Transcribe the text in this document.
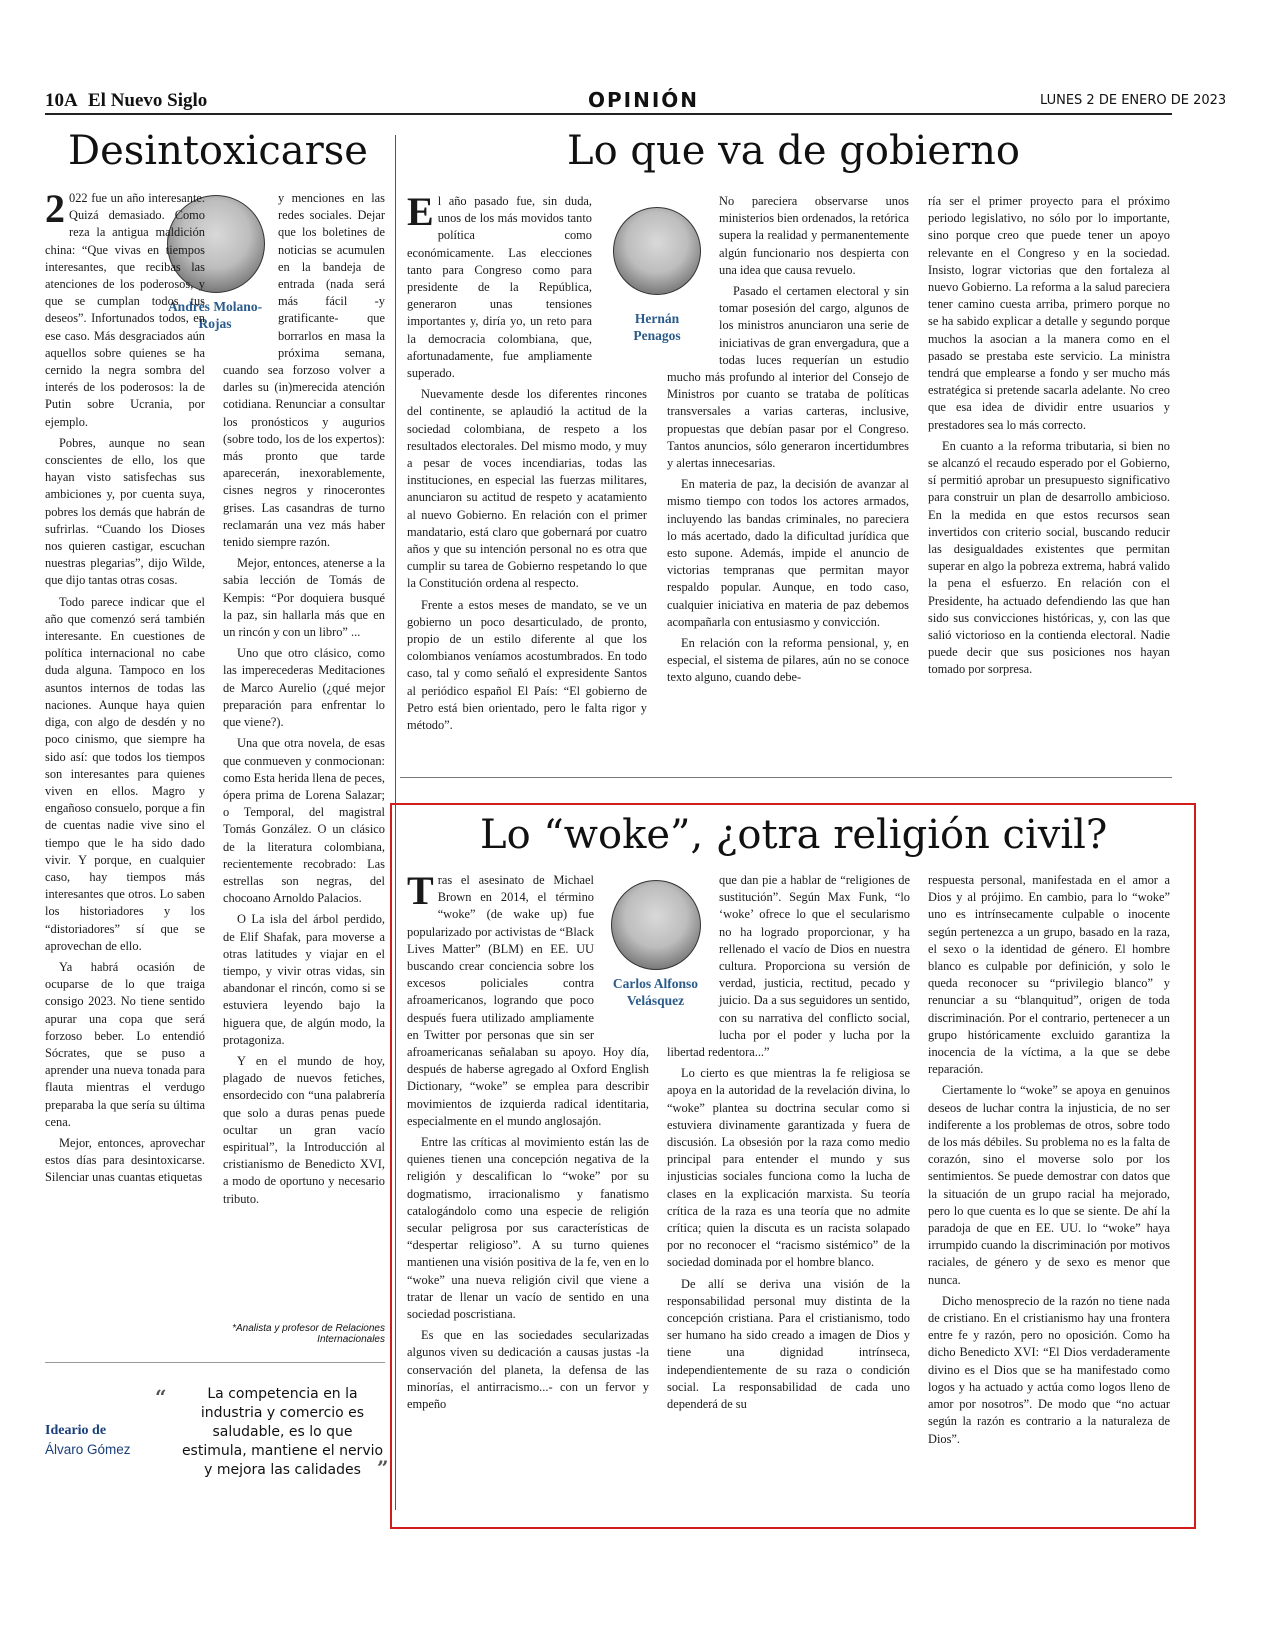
10A El Nuevo Siglo	OPINIÓN	LUNES 2 DE ENERO DE 2023
Desintoxicarse
Andrés Molano-Rojas

2 022 fue un año interesante. Quizá demasiado. Como reza la antigua maldición china: “Que vivas en tiempos interesantes, que recibas las atenciones de los poderosos, y que se cumplan todos tus deseos”. Infortunados todos, en ese caso. Más desgraciados aún aquellos sobre quienes se ha cernido la negra sombra del interés de los poderosos: la de Putin sobre Ucrania, por ejemplo.

Pobres, aunque no sean conscientes de ello, los que hayan visto satisfechas sus ambiciones y, por cuenta suya, pobres los demás que habrán de sufrirlas. “Cuando los Dioses nos quieren castigar, escuchan nuestras plegarias”, dijo Wilde, que dijo tantas otras cosas.

Todo parece indicar que el año que comenzó será también interesante. En cuestiones de política internacional no cabe duda alguna. Tampoco en los asuntos internos de todas las naciones. Aunque haya quien diga, con algo de desdén y no poco cinismo, que siempre ha sido así: que todos los tiempos son interesantes para quienes viven en ellos. Magro y engañoso consuelo, porque a fin de cuentas nadie vive sino el tiempo que le ha sido dado vivir. Y porque, en cualquier caso, hay tiempos más interesantes que otros. Lo saben los historiadores y los “distoriadores” sí que se aprovechan de ello.

Ya habrá ocasión de ocuparse de lo que traiga consigo 2023. No tiene sentido apurar una copa que será forzoso beber. Lo entendió Sócrates, que se puso a aprender una nueva tonada para flauta mientras el verdugo preparaba la que sería su última cena.

Mejor, entonces, aprovechar estos días para desintoxicarse. Silenciar unas cuantas etiquetas

y menciones en las redes sociales. Dejar que los boletines de noticias se acumulen en la bandeja de entrada (nada será más fácil -y gratificante- que borrarlos en masa la próxima semana, cuando sea forzoso volver a darles su (in)merecida atención cotidiana. Renunciar a consultar los pronósticos y augurios (sobre todo, los de los expertos): más pronto que tarde aparecerán, inexorablemente, cisnes negros y rinocerontes grises. Las casandras de turno reclamarán una vez más haber tenido siempre razón.

Mejor, entonces, atenerse a la sabia lección de Tomás de Kempis: “Por doquiera busqué la paz, sin hallarla más que en un rincón y con un libro” ...

Uno que otro clásico, como las imperecederas Meditaciones de Marco Aurelio (¿qué mejor preparación para enfrentar lo que viene?).

Una que otra novela, de esas que conmueven y conmocionan: como Esta herida llena de peces, ópera prima de Lorena Salazar; o Temporal, del magistral Tomás González. O un clásico de la literatura colombiana, recientemente recobrado: Las estrellas son negras, del chocoano Arnoldo Palacios.

O La isla del árbol perdido, de Elif Shafak, para moverse a otras latitudes y viajar en el tiempo, y vivir otras vidas, sin abandonar el rincón, como si se estuviera leyendo bajo la higuera que, de algún modo, la protagoniza.

Y en el mundo de hoy, plagado de nuevos fetiches, ensordecido con “una palabrería que solo a duras penas puede ocultar un gran vacío espiritual”, la Introducción al cristianismo de Benedicto XVI, a modo de oportuno y necesario tributo.

*Analista y profesor de Relaciones Internacionales
Ideario de
Álvaro Gómez
“	La competencia en la industria y comercio es saludable, es lo que estimula, mantiene el nervio y mejora las calidades ”
Lo que va de gobierno
Hernán Penagos

El año pasado fue, sin duda, unos de los más movidos tanto política como económicamente. Las elecciones tanto para Congreso como para presidente de la República, generaron unas tensiones importantes y, diría yo, un reto para la democracia colombiana, que, afortunadamente, fue ampliamente superado.

Nuevamente desde los diferentes rincones del continente, se aplaudió la actitud de la sociedad colombiana, de respeto a los resultados electorales. Del mismo modo, y muy a pesar de voces incendiarias, todas las instituciones, en especial las fuerzas militares, anunciaron su actitud de respeto y acatamiento al nuevo Gobierno. En relación con el primer mandatario, está claro que gobernará por cuatro años y que su intención personal no es otra que cumplir su tarea de Gobierno respetando lo que la Constitución ordena al respecto.

Frente a estos meses de mandato, se ve un gobierno un poco desarticulado, de pronto, propio de un estilo diferente al que los colombianos veníamos acostumbrados. En todo caso, tal y como señaló el expresidente Santos al periódico español El País: “El gobierno de Petro está bien orientado, pero le falta rigor y método”.

No pareciera observarse unos ministerios bien ordenados, la retórica supera la realidad y permanentemente algún funcionario nos despierta con una idea que causa revuelo.

Pasado el certamen electoral y sin tomar posesión del cargo, algunos de los ministros anunciaron una serie de iniciativas de gran envergadura, que a todas luces requerían un estudio mucho más profundo al interior del Consejo de Ministros por cuanto se trataba de políticas transversales a varias carteras, inclusive, propuestas que debían pasar por el Congreso. Tantos anuncios, sólo generaron incertidumbres y alertas innecesarias.

En materia de paz, la decisión de avanzar al mismo tiempo con todos los actores armados, incluyendo las bandas criminales, no pareciera lo más acertado, dado la dificultad jurídica que esto supone. Además, impide el anuncio de victorias tempranas que permitan mayor respaldo popular. Aunque, en todo caso, cualquier iniciativa en materia de paz debemos acompañarla con entusiasmo y convicción.

En relación con la reforma pensional, y, en especial, el sistema de pilares, aún no se conoce texto alguno, cuando debe-

ría ser el primer proyecto para el próximo periodo legislativo, no sólo por lo importante, sino porque creo que puede tener un apoyo relevante en el Congreso y en la sociedad. Insisto, lograr victorias que den fortaleza al nuevo Gobierno. La reforma a la salud pareciera tener camino cuesta arriba, primero porque no se ha sabido explicar a detalle y segundo porque muchos la asocian a la manera como en el pasado se prestaba este servicio. La ministra tendrá que emplearse a fondo y ser mucho más estratégica si pretende sacarla adelante. No creo que esa idea de dividir entre usuarios y prestadores sea lo más correcto.

En cuanto a la reforma tributaria, si bien no se alcanzó el recaudo esperado por el Gobierno, sí permitió aprobar un presupuesto significativo para construir un plan de desarrollo ambicioso. En la medida en que estos recursos sean invertidos con criterio social, buscando reducir las desigualdades existentes que permitan superar en algo la pobreza extrema, habrá valido la pena el esfuerzo. En relación con el Presidente, ha actuado defendiendo las que han sido sus convicciones históricas, y, con las que salió victorioso en la contienda electoral. Nadie puede decir que sus posiciones nos hayan tomado por sorpresa.

Lo “woke”, ¿otra religión civil?
Carlos Alfonso Velásquez

Tras el asesinato de Michael Brown en 2014, el término “woke” (de wake up) fue popularizado por activistas de “Black Lives Matter” (BLM) en EE. UU buscando crear conciencia sobre los excesos policiales contra afroamericanos, logrando que poco después fuera utilizado ampliamente en Twitter por personas que sin ser afroamericanas señalaban su apoyo. Hoy día, después de haberse agregado al Oxford English Dictionary, “woke” se emplea para describir movimientos de izquierda radical identitaria, especialmente en el mundo anglosajón.

Entre las críticas al movimiento están las de quienes tienen una concepción negativa de la religión y descalifican lo “woke” por su dogmatismo, irracionalismo y fanatismo catalogándolo como una especie de religión secular peligrosa por sus características de “despertar religioso”. A su turno quienes mantienen una visión positiva de la fe, ven en lo “woke” una nueva religión civil que viene a tratar de llenar un vacío de sentido en una sociedad poscristiana.

Es que en las sociedades secularizadas algunos viven su dedicación a causas justas -la conservación del planeta, la defensa de las minorías, el antirracismo...- con un fervor y empeño

que dan pie a hablar de “religiones de sustitución”. Según Max Funk, “lo ‘woke’ ofrece lo que el secularismo no ha logrado proporcionar, y ha rellenado el vacío de Dios en nuestra cultura. Proporciona su versión de verdad, justicia, rectitud, pecado y juicio. Da a sus seguidores un sentido, con su narrativa del conflicto social, lucha por el poder y lucha por la libertad redentora...”

Lo cierto es que mientras la fe religiosa se apoya en la autoridad de la revelación divina, lo “woke” plantea su doctrina secular como si estuviera divinamente garantizada y fuera de discusión. La obsesión por la raza como medio principal para entender el mundo y sus injusticias sociales funciona como la lucha de clases en la explicación marxista. Su teoría crítica de la raza es una teoría que no admite crítica; quien la discuta es un racista solapado por no reconocer el “racismo sistémico” de la sociedad dominada por el hombre blanco.

De allí se deriva una visión de la responsabilidad personal muy distinta de la concepción cristiana. Para el cristianismo, todo ser humano ha sido creado a imagen de Dios y tiene una dignidad intrínseca, independientemente de su raza o condición social. La responsabilidad de cada uno dependerá de su

respuesta personal, manifestada en el amor a Dios y al prójimo. En cambio, para lo “woke” uno es intrínsecamente culpable o inocente según pertenezca a un grupo, basado en la raza, el sexo o la identidad de género. El hombre blanco es culpable por definición, y solo le queda reconocer su “privilegio blanco” y renunciar a su “blanquitud”, origen de toda discriminación. Por el contrario, pertenecer a un grupo históricamente excluido garantiza la inocencia de la víctima, a la que se debe reparación.

Ciertamente lo “woke” se apoya en genuinos deseos de luchar contra la injusticia, de no ser indiferente a los problemas de otros, sobre todo de los más débiles. Su problema no es la falta de corazón, sino el moverse solo por los sentimientos. Se puede demostrar con datos que la situación de un grupo racial ha mejorado, pero lo que cuenta es lo que se siente. De ahí la paradoja de que en EE. UU. lo “woke” haya irrumpido cuando la discriminación por motivos raciales, de género y de sexo es menor que nunca.

Dicho menosprecio de la razón no tiene nada de cristiano. En el cristianismo hay una frontera entre fe y razón, pero no oposición. Como ha dicho Benedicto XVI: “El Dios verdaderamente divino es el Dios que se ha manifestado como logos y ha actuado y actúa como logos lleno de amor por nosotros”. De modo que “no actuar según la razón es contrario a la naturaleza de Dios”.
